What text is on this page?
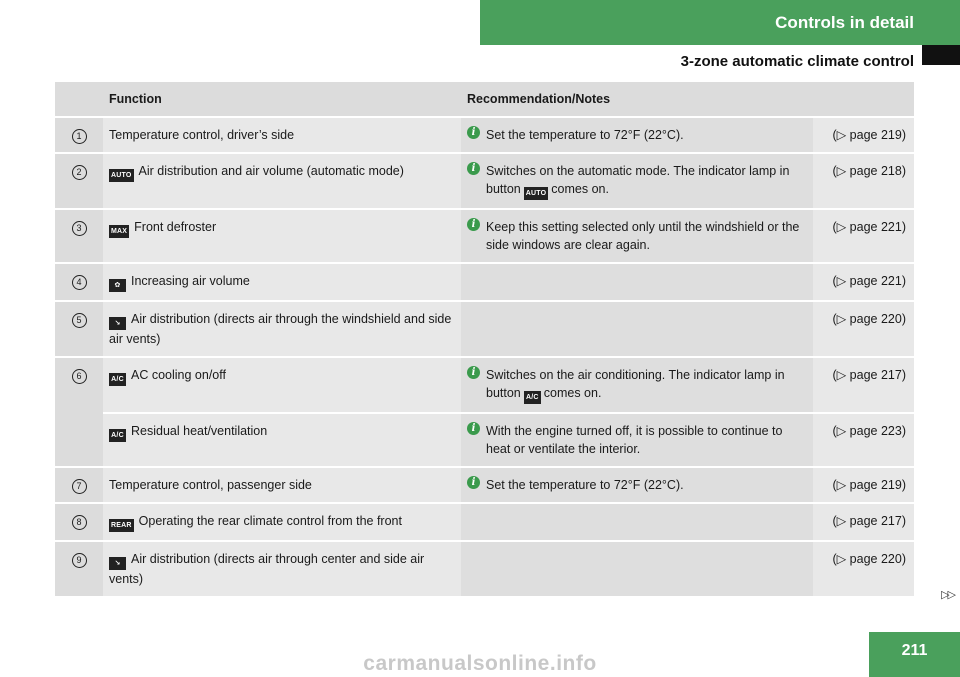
Controls in detail
3-zone automatic climate control
	Function	Recommendation/Notes	
1	Temperature control, driver’s side	i Set the temperature to 72°F (22°C).	(▷ page 219)
2	AUTO Air distribution and air volume (automatic mode)	i Switches on the automatic mode. The indicator lamp in button AUTO comes on.	(▷ page 218)
3	MAX Front defroster	i Keep this setting selected only until the windshield or the side windows are clear again.	(▷ page 221)
4	✿ Increasing air volume		(▷ page 221)
5	↘ Air distribution (directs air through the windshield and side air vents)		(▷ page 220)
6	A/C AC cooling on/off	i Switches on the air conditioning. The indicator lamp in button A/C comes on.	(▷ page 217)
	A/C Residual heat/ventilation	i With the engine turned off, it is possible to continue to heat or ventilate the interior.	(▷ page 223)
7	Temperature control, passenger side	i Set the temperature to 72°F (22°C).	(▷ page 219)
8	REAR Operating the rear climate control from the front		(▷ page 217)
9	↘ Air distribution (directs air through center and side air vents)		(▷ page 220)
▷▷
211
carmanualsonline.info
